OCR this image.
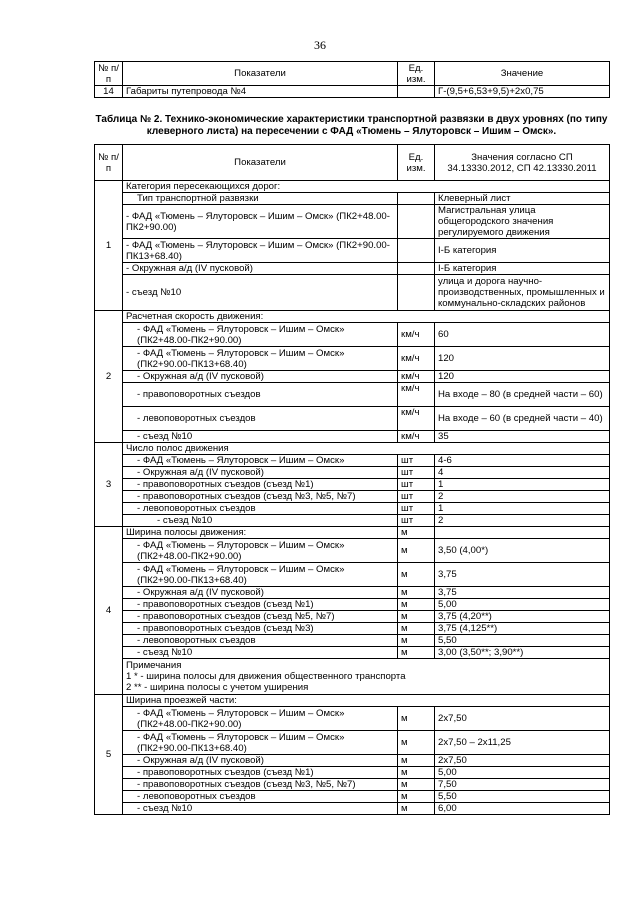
36
№ п/п	Показатели	Ед. изм.	Значение
14	Габариты путепровода №4		Г-(9,5+6,53+9,5)+2х0,75
Таблица № 2. Технико-экономические характеристики транспортной развязки в двух уровнях (по типу клеверного листа) на пересечении с ФАД «Тюмень – Ялуторовск – Ишим – Омск».
№ п/п	Показатели	Ед. изм.	Значения согласно СП 34.13330.2012, СП 42.13330.2011
1	Категория пересекающихся дорог:		
	Тип транспортной развязки		Клеверный лист
	- ФАД «Тюмень – Ялуторовск – Ишим – Омск» (ПК2+48.00-ПК2+90.00)		Магистральная улица общегородского значения регулируемого движения
	- ФАД «Тюмень – Ялуторовск – Ишим – Омск» (ПК2+90.00-ПК13+68.40)		I-Б категория
	- Окружная а/д (IV пусковой)		I-Б категория
	- съезд №10		улица и дорога научно-производственных, промышленных и коммунально-складских районов
2	Расчетная скорость движения:		
	- ФАД «Тюмень – Ялуторовск – Ишим – Омск» (ПК2+48.00-ПК2+90.00)	км/ч	60
	- ФАД «Тюмень – Ялуторовск – Ишим – Омск» (ПК2+90.00-ПК13+68.40)	км/ч	120
	- Окружная а/д (IV пусковой)	км/ч	120
	- правоповоротных съездов	км/ч	На входе – 80 (в средней части – 60)
	- левоповоротных съездов	км/ч	На входе – 60 (в средней части – 40)
	- съезд №10	км/ч	35
3	Число полос движения		
	- ФАД «Тюмень – Ялуторовск – Ишим – Омск»	шт	4-6
	- Окружная а/д (IV пусковой)	шт	4
	- правоповоротных съездов (съезд №1)	шт	1
	- правоповоротных съездов (съезд №3, №5, №7)	шт	2
	- левоповоротных съездов	шт	1
	- съезд №10	шт	2
4	Ширина полосы движения:	м	
	- ФАД «Тюмень – Ялуторовск – Ишим – Омск» (ПК2+48.00-ПК2+90.00)	м	3,50 (4,00*)
	- ФАД «Тюмень – Ялуторовск – Ишим – Омск» (ПК2+90.00-ПК13+68.40)	м	3,75
	- Окружная а/д (IV пусковой)	м	3,75
	- правоповоротных съездов (съезд №1)	м	5,00
	- правоповоротных съездов (съезд №5, №7)	м	3,75 (4,20**)
	- правоповоротных съездов (съезд №3)	м	3,75 (4,125**)
	- левоповоротных съездов	м	5,50
	- съезд №10	м	3,00 (3,50**; 3,90**)

	Примечания
1 * - ширина полосы для движения общественного транспорта
2 ** - ширина полосы с учетом уширения		

5	Ширина проезжей части:		
	- ФАД «Тюмень – Ялуторовск – Ишим – Омск» (ПК2+48.00-ПК2+90.00)	м	2х7,50
	- ФАД «Тюмень – Ялуторовск – Ишим – Омск» (ПК2+90.00-ПК13+68.40)	м	2х7,50 – 2х11,25
	- Окружная а/д (IV пусковой)	м	2х7,50
	- правоповоротных съездов (съезд №1)	м	5,00
	- правоповоротных съездов (съезд №3, №5, №7)	м	7,50
	- левоповоротных съездов	м	5,50
	- съезд №10	м	6,00
